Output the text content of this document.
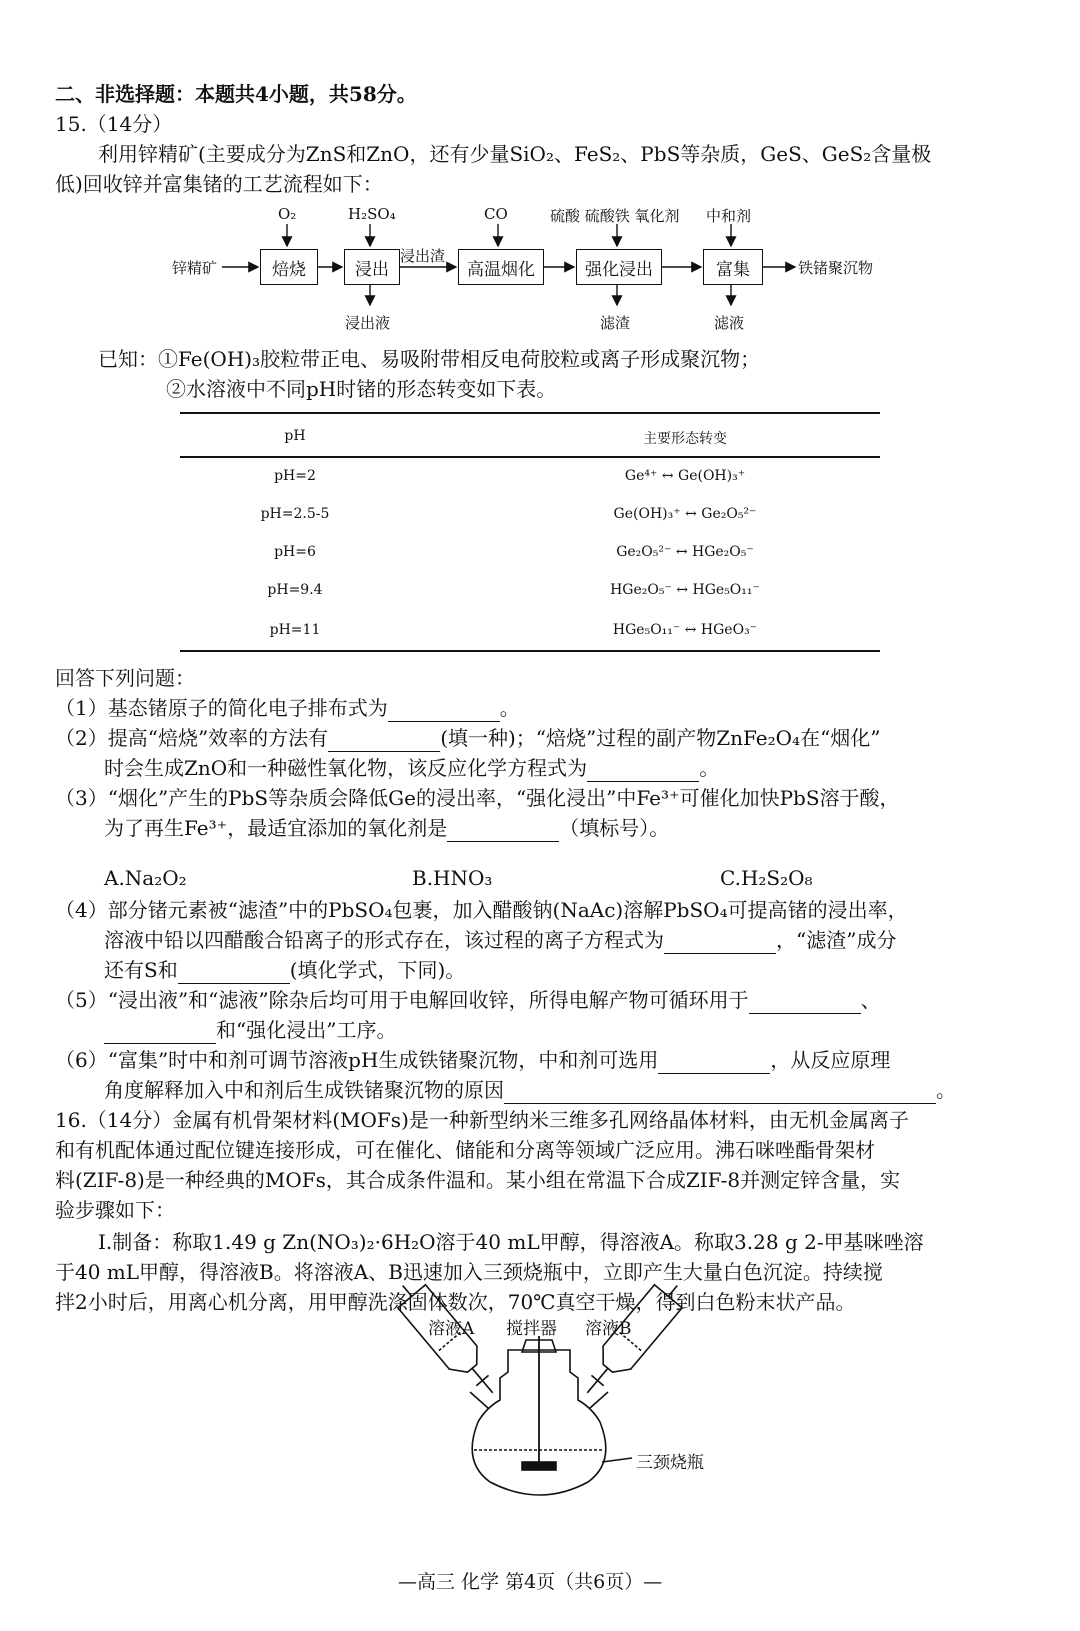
二、非选择题：本题共4小题，共58分。
15.（14分）
利用锌精矿(主要成分为ZnS和ZnO，还有少量SiO₂、FeS₂、PbS等杂质，GeS、GeS₂含量极
低)回收锌并富集锗的工艺流程如下：
锌精矿	焙烧	浸出	高温烟化	强化浸出	富集	铁锗聚沉物
O₂	H₂SO₄	CO	硫酸 硫酸铁 氧化剂 中和剂
浸出渣
浸出液	滤渣	滤液
已知：①Fe(OH)₃胶粒带正电、易吸附带相反电荷胶粒或离子形成聚沉物；
②水溶液中不同pH时锗的形态转变如下表。
pH	主要形态转变
pH=2	Ge⁴⁺ ↔ Ge(OH)₃⁺
pH=2.5-5	Ge(OH)₃⁺ ↔ Ge₂O₅²⁻
pH=6	Ge₂O₅²⁻ ↔ HGe₂O₅⁻
pH=9.4	HGe₂O₅⁻ ↔ HGe₅O₁₁⁻
pH=11	HGe₅O₁₁⁻ ↔ HGeO₃⁻
回答下列问题：
（1）基态锗原子的简化电子排布式为	。
（2）提高“焙烧”效率的方法有	(填一种)；“焙烧”过程的副产物ZnFe₂O₄在“烟化”
时会生成ZnO和一种磁性氧化物，该反应化学方程式为	。
（3）“烟化”产生的PbS等杂质会降低Ge的浸出率，“强化浸出”中Fe³⁺可催化加快PbS溶于酸，
为了再生Fe³⁺，最适宜添加的氧化剂是	（填标号）。
A.Na₂O₂	B.HNO₃	C.H₂S₂O₈
（4）部分锗元素被“滤渣”中的PbSO₄包裹，加入醋酸钠(NaAc)溶解PbSO₄可提高锗的浸出率，
溶液中铅以四醋酸合铅离子的形式存在，该过程的离子方程式为	，“滤渣”成分
还有S和	(填化学式，下同)。
（5）“浸出液”和“滤液”除杂后均可用于电解回收锌，所得电解产物可循环用于	、
和“强化浸出”工序。
（6）“富集”时中和剂可调节溶液pH生成铁锗聚沉物，中和剂可选用	，从反应原理
角度解释加入中和剂后生成铁锗聚沉物的原因	。
16.（14分）金属有机骨架材料(MOFs)是一种新型纳米三维多孔网络晶体材料，由无机金属离子
和有机配体通过配位键连接形成，可在催化、储能和分离等领域广泛应用。沸石咪唑酯骨架材
料(ZIF-8)是一种经典的MOFs，其合成条件温和。某小组在常温下合成ZIF-8并测定锌含量，实
验步骤如下：
Ⅰ.制备：称取1.49 g Zn(NO₃)₂·6H₂O溶于40 mL甲醇，得溶液A。称取3.28 g 2-甲基咪唑溶
于40 mL甲醇，得溶液B。将溶液A、B迅速加入三颈烧瓶中，立即产生大量白色沉淀。持续搅
拌2小时后，用离心机分离，用甲醇洗涤固体数次，70℃真空干燥，得到白色粉末状产品。
溶液A 搅拌器 溶液B
三颈烧瓶
—高三 化学 第4页（共6页）—
